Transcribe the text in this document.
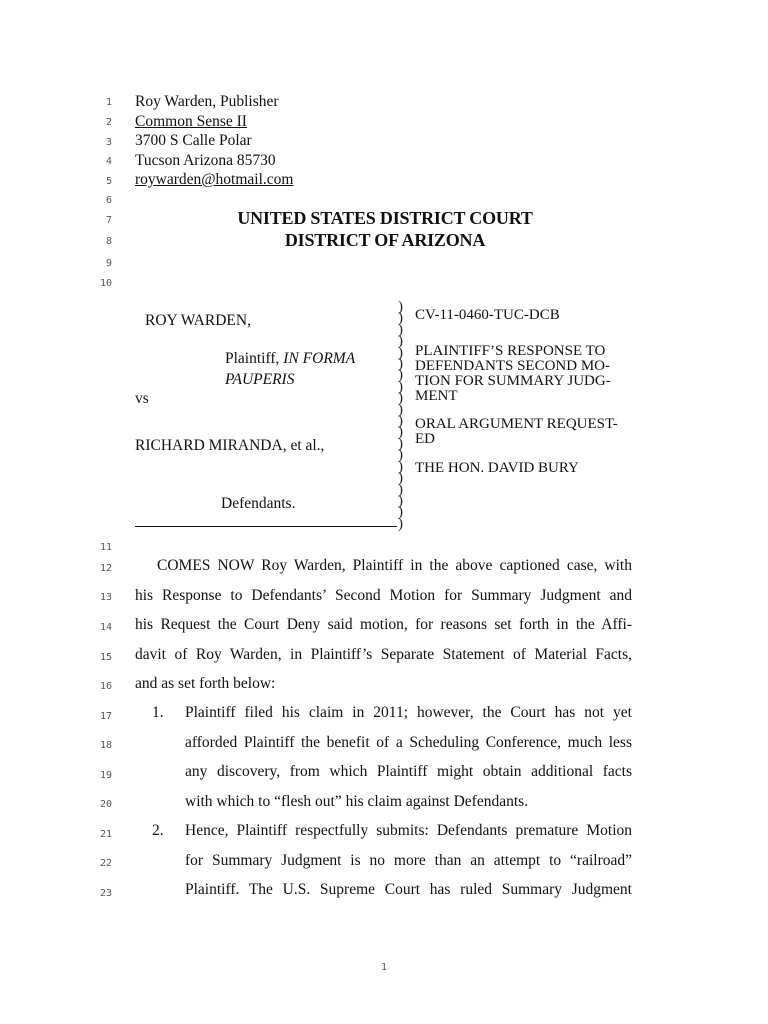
1
2
3
4
5
6
7
8
9
10
11
12
13
14
15
16
17
18
19
20
21
22
23
Roy Warden, Publisher
Common Sense II
3700 S Calle Polar
Tucson Arizona 85730
roywarden@hotmail.com
UNITED STATES DISTRICT COURT
DISTRICT OF ARIZONA
ROY WARDEN,
Plaintiff, IN FORMA
PAUPERIS
vs
RICHARD MIRANDA, et al.,
Defendants.
)
)
)
)
)
)
)
)
)
)
)
)
)
)
)
)
)
)
)
)
CV-11-0460-TUC-DCB
PLAINTIFF’S RESPONSE TO
DEFENDANTS SECOND MO-
TION FOR SUMMARY JUDG-
MENT
ORAL ARGUMENT REQUEST-
ED
THE HON. DAVID BURY
COMES NOW Roy Warden, Plaintiff in the above captioned case, with
his Response to Defendants’ Second Motion for Summary Judgment and
his Request the Court Deny said motion, for reasons set forth in the Affi-
davit of Roy Warden, in Plaintiff’s Separate Statement of Material Facts,
and as set forth below:
1. Plaintiff filed his claim in 2011; however, the Court has not yet
afforded Plaintiff the benefit of a Scheduling Conference, much less
any discovery, from which Plaintiff might obtain additional facts
with which to “flesh out” his claim against Defendants.
2. Hence, Plaintiff respectfully submits: Defendants premature Motion
for Summary Judgment is no more than an attempt to “railroad”
Plaintiff. The U.S. Supreme Court has ruled Summary Judgment
1
